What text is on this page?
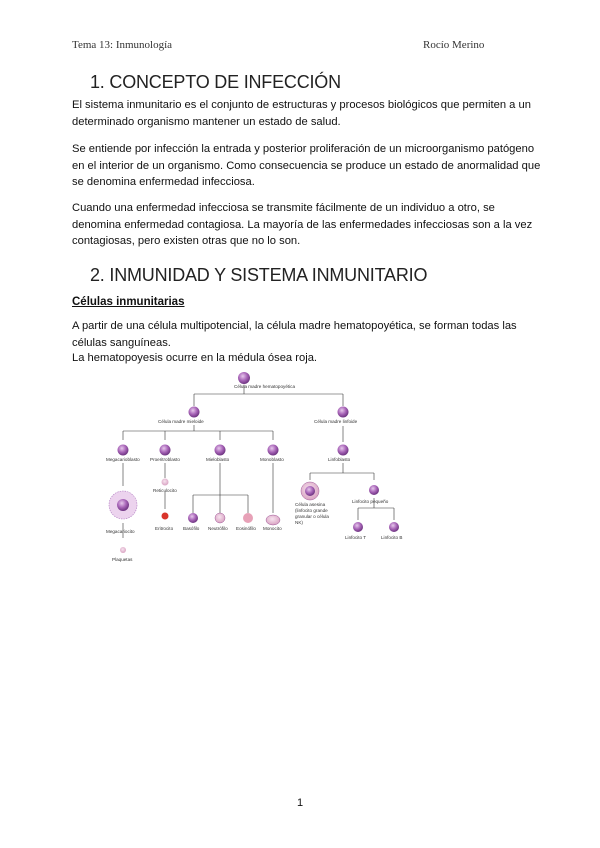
Tema 13: Inmunología	Rocío Merino
1. CONCEPTO DE INFECCIÓN

El sistema inmunitario es el conjunto de estructuras y procesos biológicos que permiten a un determinado organismo mantener un estado de salud.

Se entiende por infección la entrada y posterior proliferación de un microorganismo patógeno en el interior de un organismo. Como consecuencia se produce un estado de anormalidad que se denomina enfermedad infecciosa.

Cuando una enfermedad infecciosa se transmite fácilmente de un individuo a otro, se denomina enfermedad contagiosa. La mayoría de las enfermedades infecciosas son a la vez contagiosas, pero existen otras que no lo son.

2. INMUNIDAD Y SISTEMA INMUNITARIO

Células inmunitarias

A partir de una célula multipotencial, la célula madre hematopoyética, se forman todas las células sanguíneas.

La hematopoyesis ocurre en la médula ósea roja.

Célula madre hematopoyética
Célula madre mieloide	Célula madre linfoide
Megacarioblasto Proeritroblasto	Mieloblasto	Monoblasto	Linfoblasto
Reticulocito
Eritrocito Basófilo Neutrófilo Eosinófilo Monocito
Megacariocito
Plaquetas
Célula asesina
(linfocito grande
granular o célula
NK)
Linfocito pequeño
Linfocito T	Linfocito B
1
